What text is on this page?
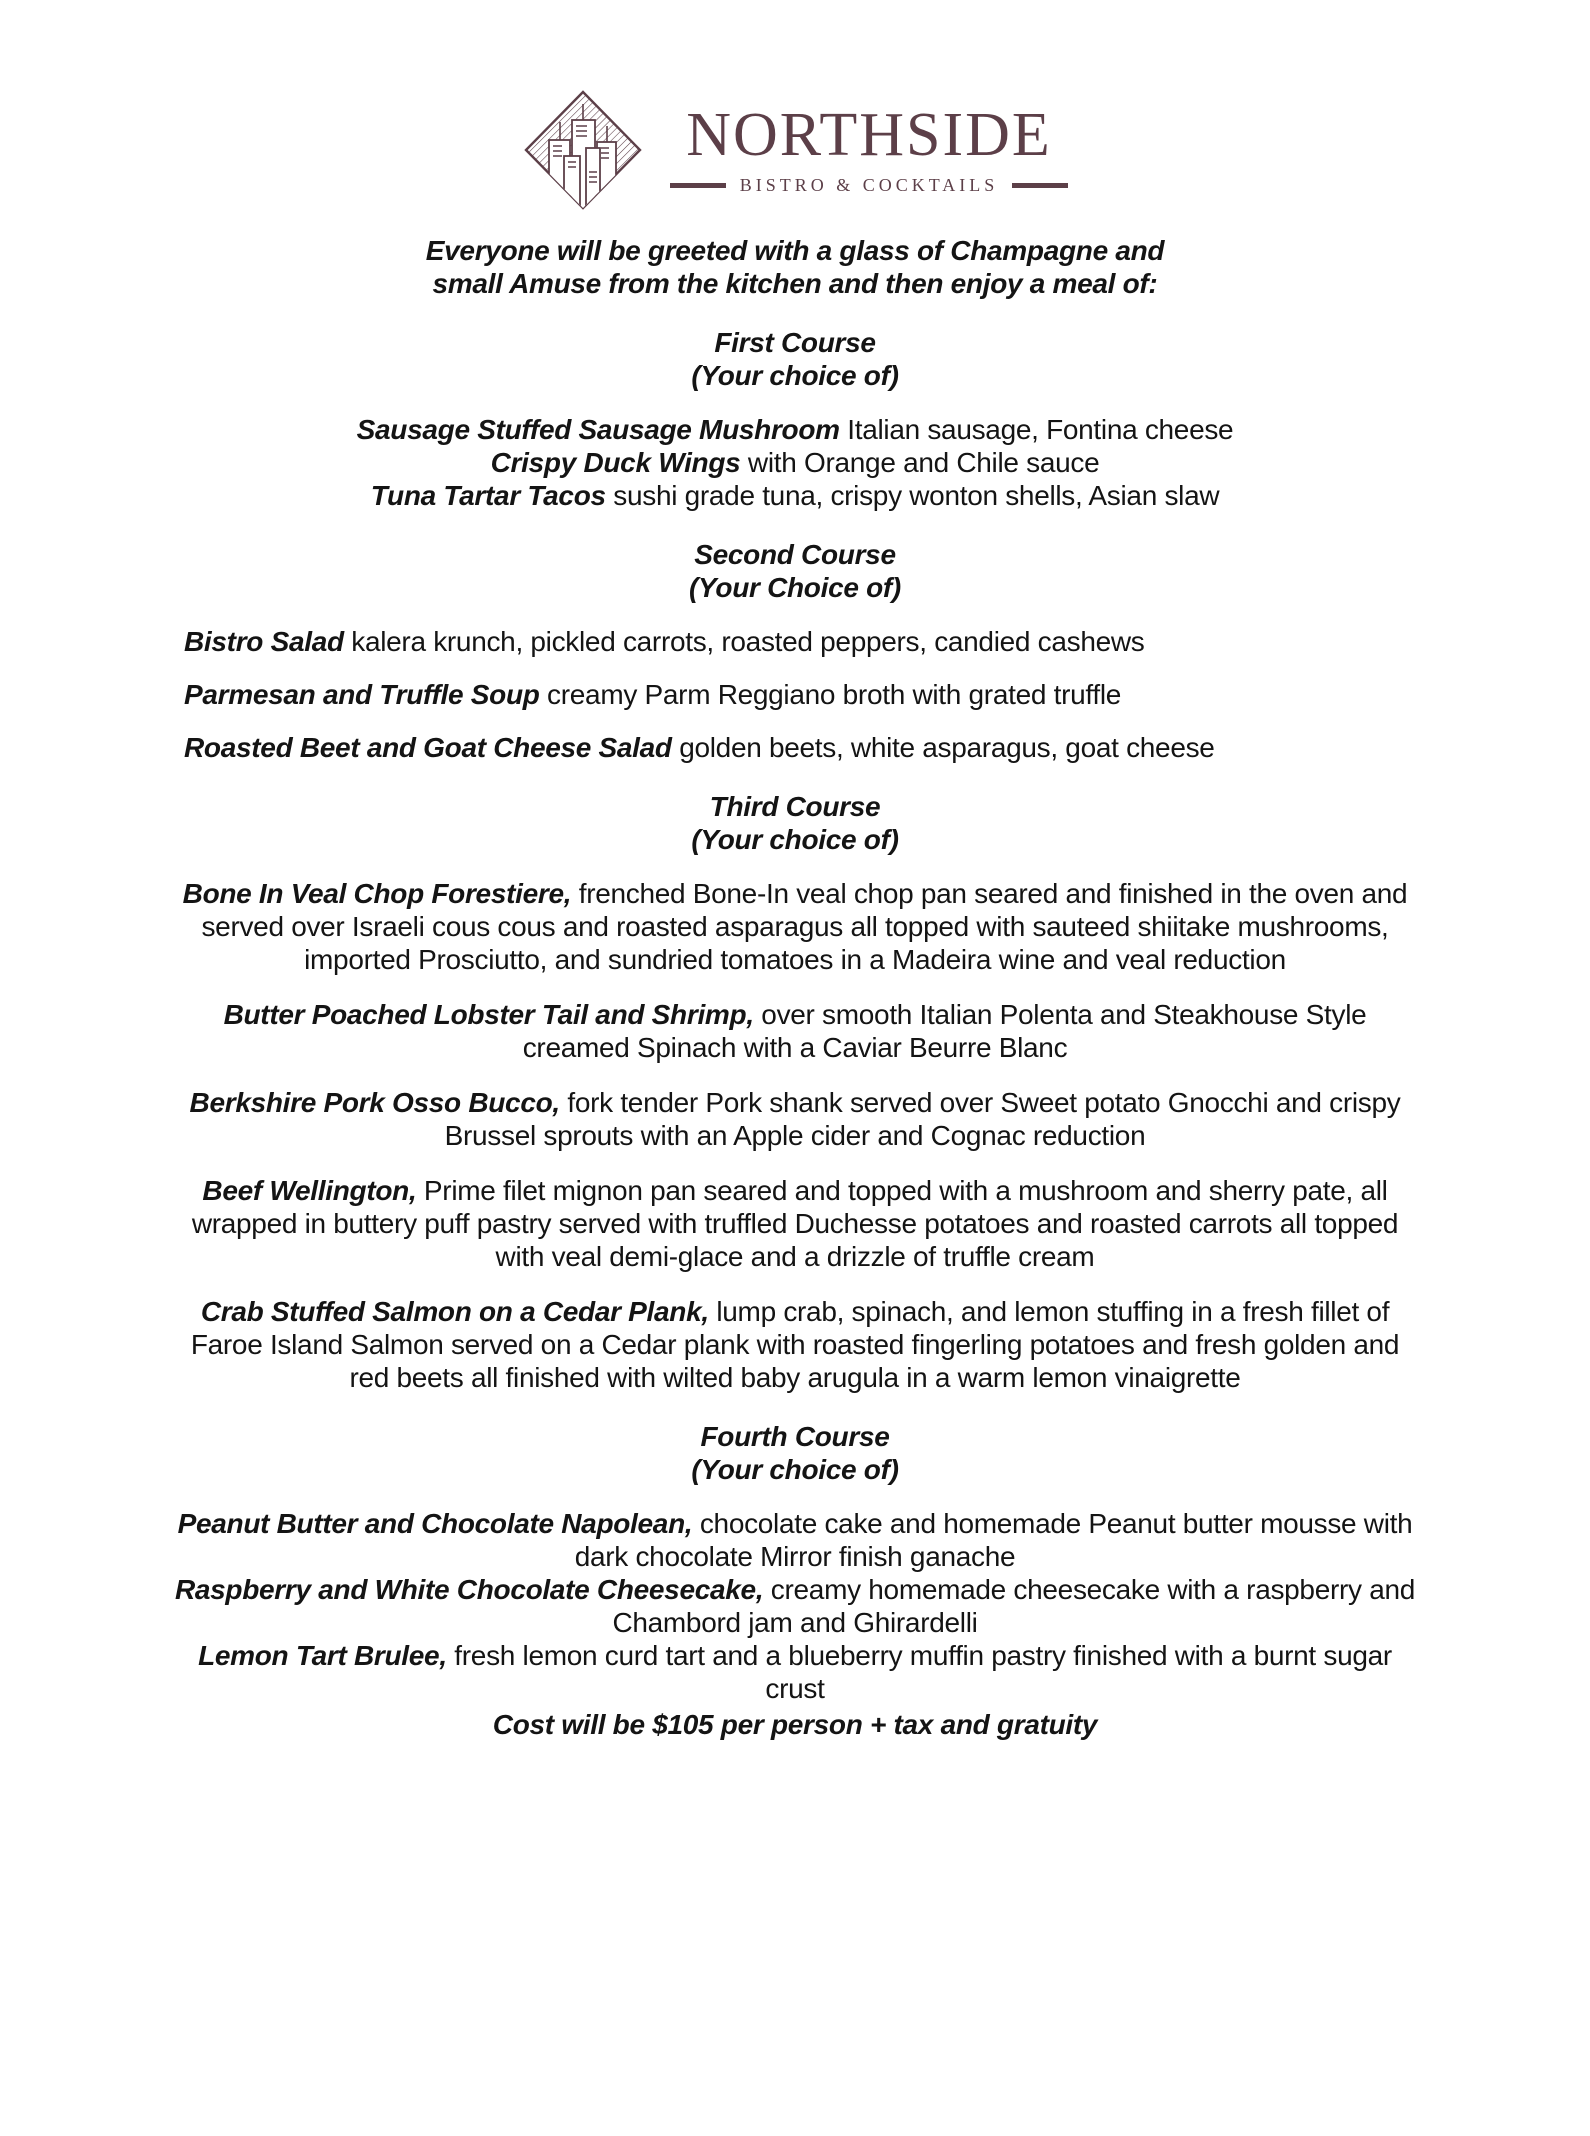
NORTHSIDE
BISTRO & COCKTAILS

Everyone will be greeted with a glass of Champagne and
small Amuse from the kitchen and then enjoy a meal of:

First Course
(Your choice of)

Sausage Stuffed Sausage Mushroom Italian sausage, Fontina cheese

Crispy Duck Wings with Orange and Chile sauce

Tuna Tartar Tacos sushi grade tuna, crispy wonton shells, Asian slaw

Second Course
(Your Choice of)

Bistro Salad kalera krunch, pickled carrots, roasted peppers, candied cashews

Parmesan and Truffle Soup creamy Parm Reggiano broth with grated truffle

Roasted Beet and Goat Cheese Salad golden beets, white asparagus, goat cheese

Third Course
(Your choice of)

Bone In Veal Chop Forestiere, frenched Bone-In veal chop pan seared and finished in the oven and served over Israeli cous cous and roasted asparagus all topped with sauteed shiitake mushrooms, imported Prosciutto, and sundried tomatoes in a Madeira wine and veal reduction

Butter Poached Lobster Tail and Shrimp, over smooth Italian Polenta and Steakhouse Style creamed Spinach with a Caviar Beurre Blanc

Berkshire Pork Osso Bucco, fork tender Pork shank served over Sweet potato Gnocchi and crispy Brussel sprouts with an Apple cider and Cognac reduction

Beef Wellington, Prime filet mignon pan seared and topped with a mushroom and sherry pate, all wrapped in buttery puff pastry served with truffled Duchesse potatoes and roasted carrots all topped with veal demi-glace and a drizzle of truffle cream

Crab Stuffed Salmon on a Cedar Plank, lump crab, spinach, and lemon stuffing in a fresh fillet of Faroe Island Salmon served on a Cedar plank with roasted fingerling potatoes and fresh golden and red beets all finished with wilted baby arugula in a warm lemon vinaigrette

Fourth Course
(Your choice of)

Peanut Butter and Chocolate Napolean, chocolate cake and homemade Peanut butter mousse with dark chocolate Mirror finish ganache

Raspberry and White Chocolate Cheesecake, creamy homemade cheesecake with a raspberry and Chambord jam and Ghirardelli

Lemon Tart Brulee, fresh lemon curd tart and a blueberry muffin pastry finished with a burnt sugar crust

Cost will be $105 per person + tax and gratuity
